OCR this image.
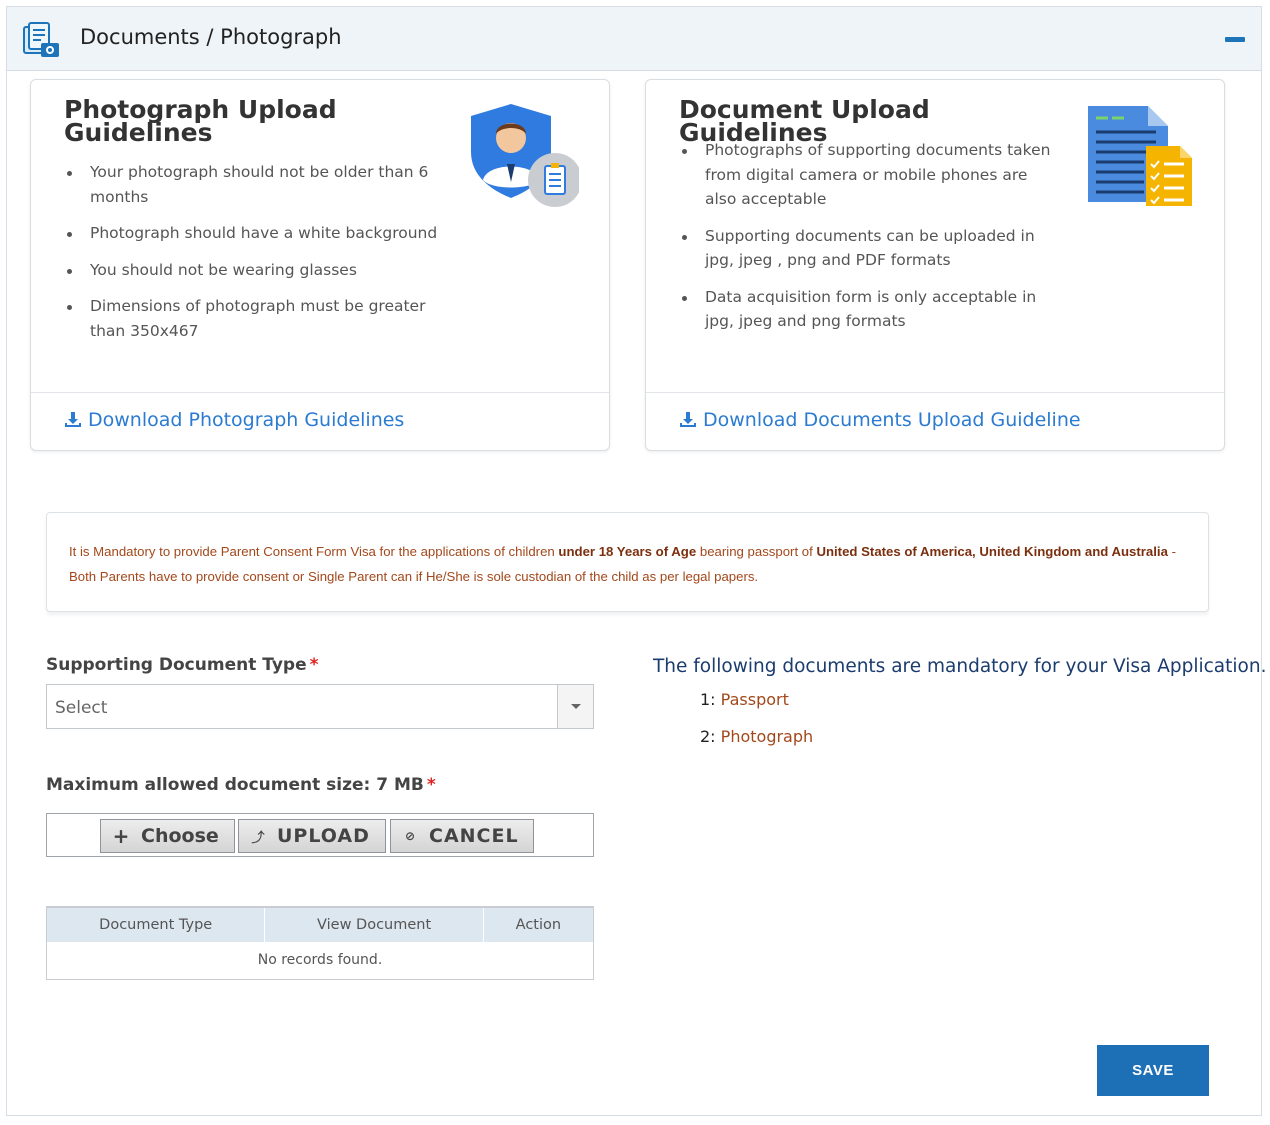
Documents / Photograph
Photograph Upload Guidelines
Your photograph should not be older than 6 months
Photograph should have a white background
You should not be wearing glasses
Dimensions of photograph must be greater than 350x467
Download Photograph Guidelines
Document Upload Guidelines
Photographs of supporting documents taken from digital camera or mobile phones are also acceptable
Supporting documents can be uploaded in jpg, jpeg , png and PDF formats
Data acquisition form is only acceptable in jpg, jpeg and png formats
Download Documents Upload Guideline

It is Mandatory to provide Parent Consent Form Visa for the applications of children under 18 Years of Age bearing passport of United States of America, United Kingdom and Australia - Both Parents have to provide consent or Single Parent can if He/She is sole custodian of the child as per legal papers.

Supporting Document Type *
Select
Maximum allowed document size: 7 MB *
+ Choose	⤴ UPLOAD	⊘ CANCEL
Document Type	View Document	Action
No records found.
The following documents are mandatory for your Visa Application.
1: Passport
2: Photograph
SAVE
